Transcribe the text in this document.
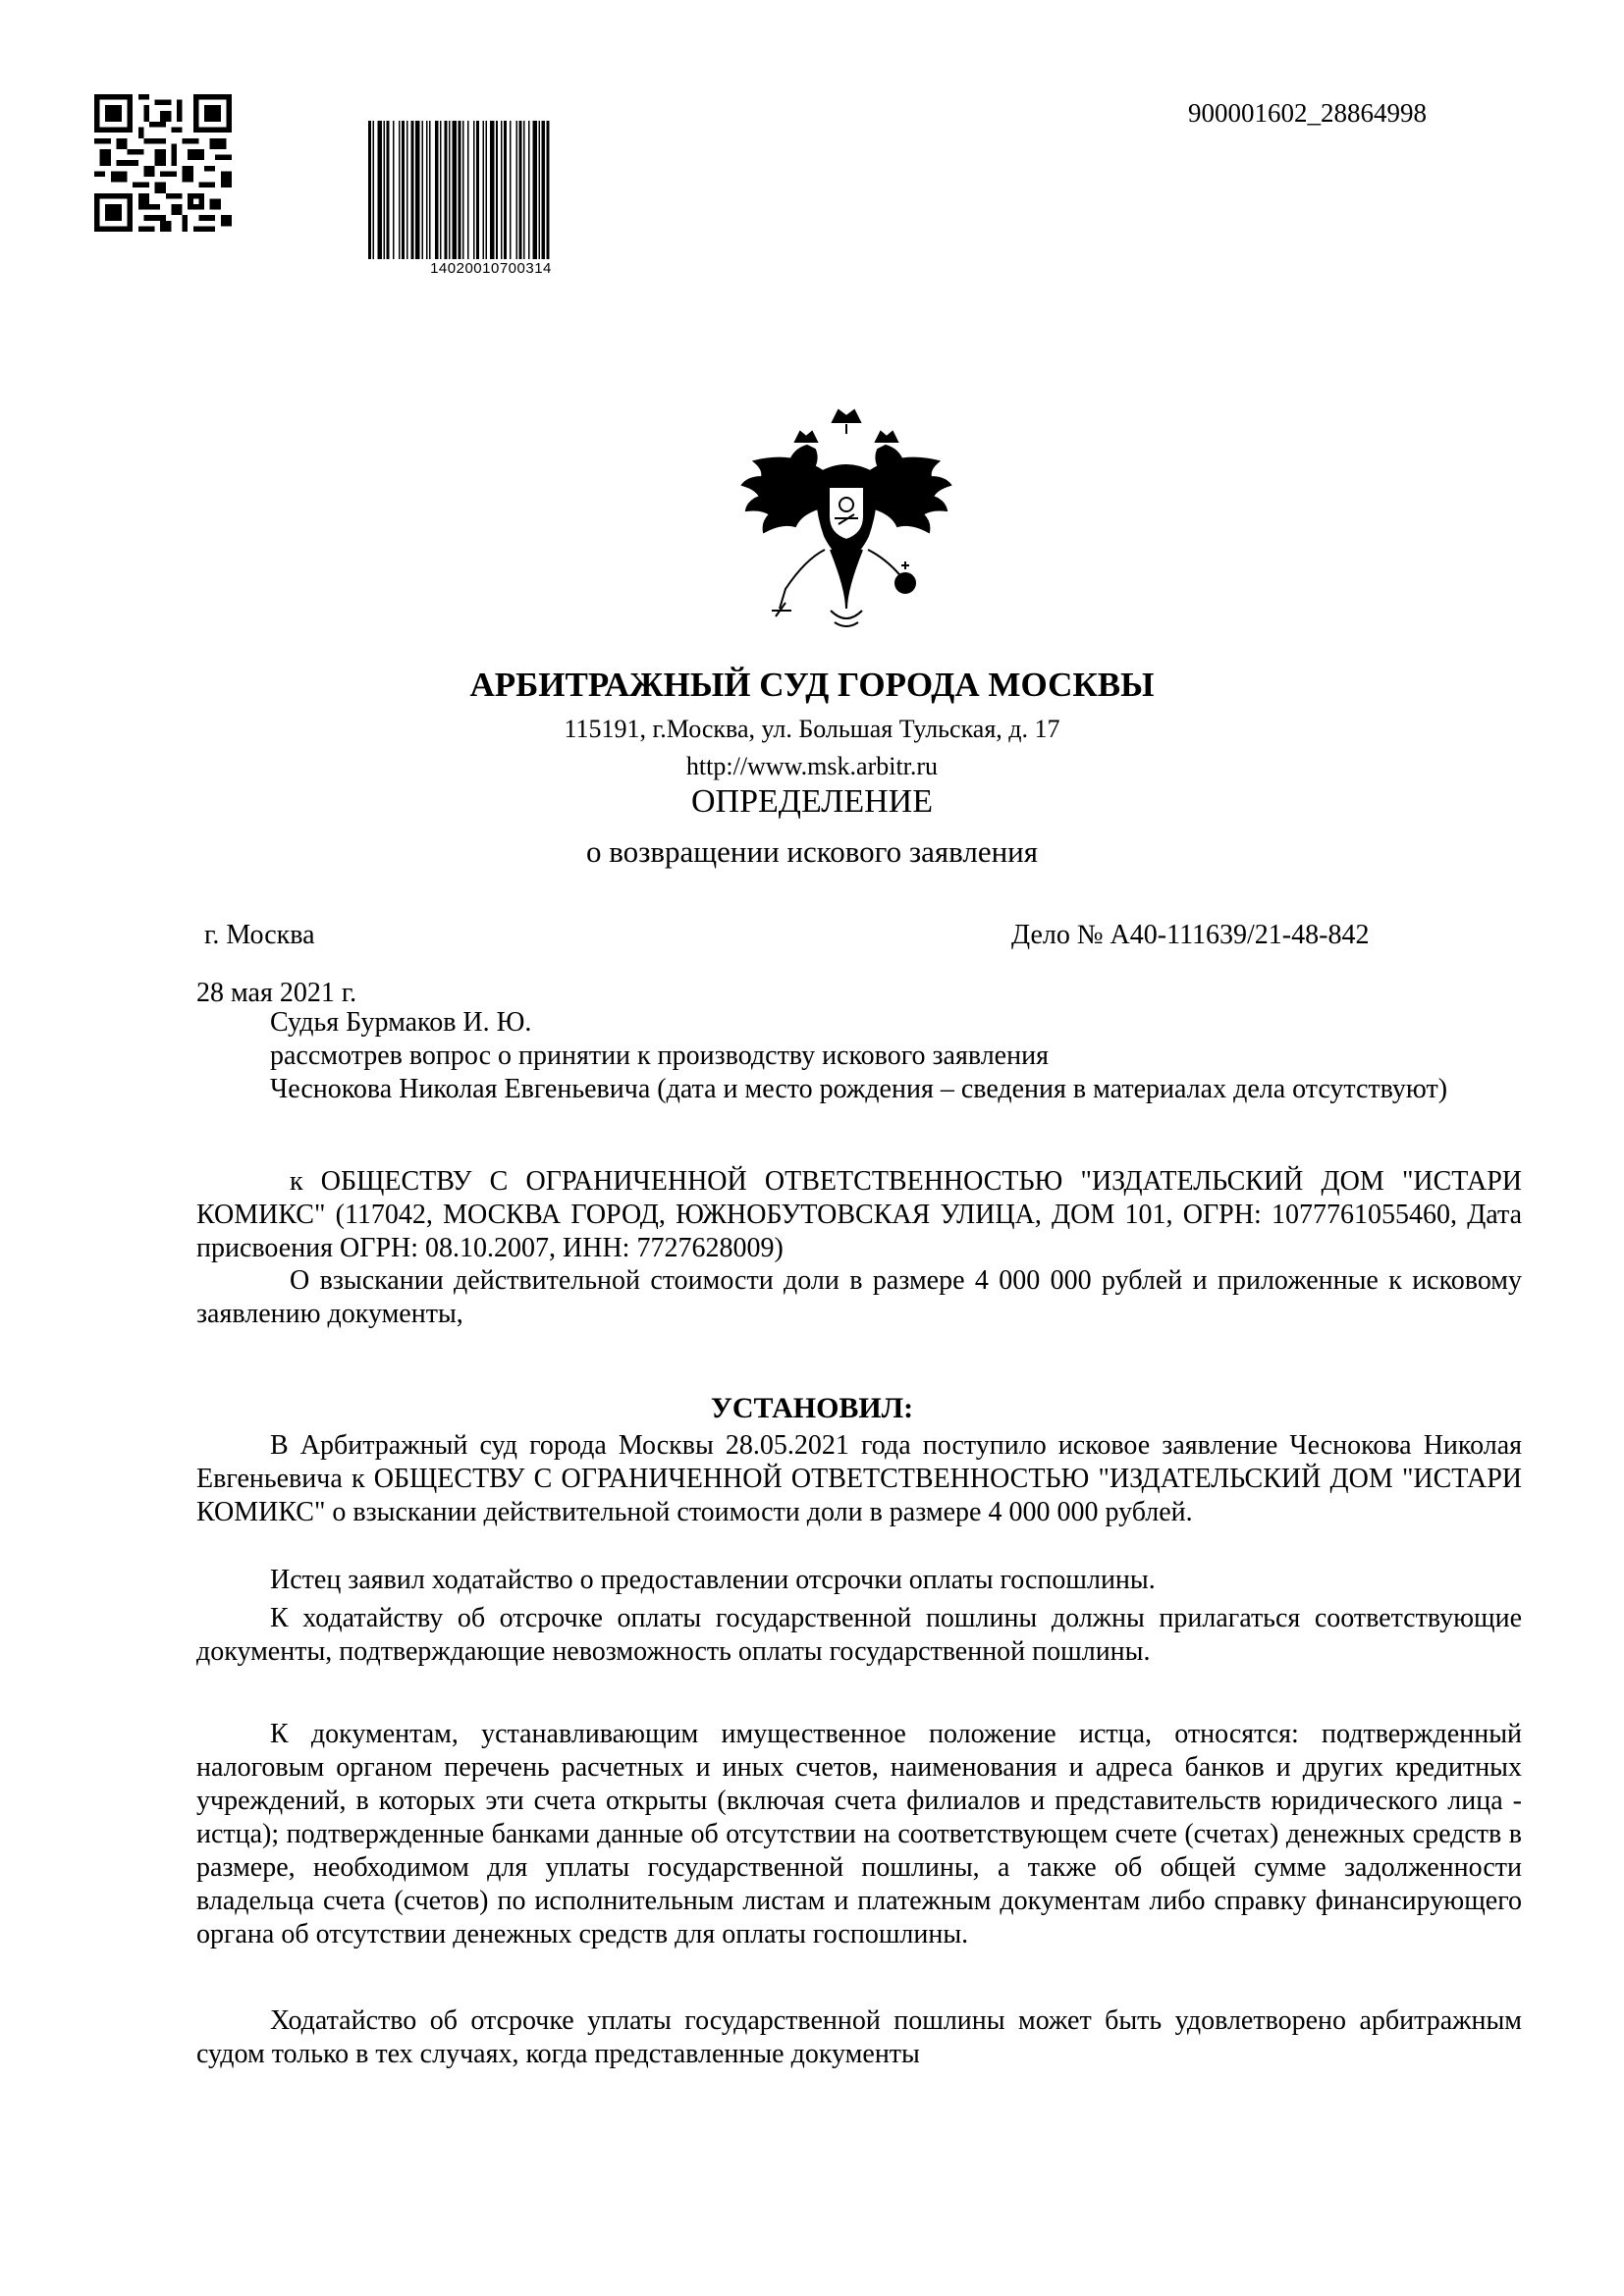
14020010700314
900001602_28864998
АРБИТРАЖНЫЙ СУД ГОРОДА МОСКВЫ
115191, г.Москва, ул. Большая Тульская, д. 17
http://www.msk.arbitr.ru
ОПРЕДЕЛЕНИЕ
о возвращении искового заявления
г. Москва	Дело № А40-111639/21-48-842
28 мая 2021 г.
Судья Бурмаков И. Ю.
рассмотрев вопрос о принятии к производству искового заявления
Чеснокова Николая Евгеньевича (дата и место рождения – сведения в материалах дела отсутствуют)
к ОБЩЕСТВУ С ОГРАНИЧЕННОЙ ОТВЕТСТВЕННОСТЬЮ "ИЗДАТЕЛЬСКИЙ ДОМ "ИСТАРИ КОМИКС" (117042, МОСКВА ГОРОД, ЮЖНОБУТОВСКАЯ УЛИЦА, ДОМ 101, ОГРН: 1077761055460, Дата присвоения ОГРН: 08.10.2007, ИНН: 7727628009)
О взыскании действительной стоимости доли в размере 4 000 000 рублей и приложенные к исковому заявлению документы,
УСТАНОВИЛ:
В Арбитражный суд города Москвы 28.05.2021 года поступило исковое заявление Чеснокова Николая Евгеньевича к ОБЩЕСТВУ С ОГРАНИЧЕННОЙ ОТВЕТСТВЕННОСТЬЮ "ИЗДАТЕЛЬСКИЙ ДОМ "ИСТАРИ КОМИКС" о взыскании действительной стоимости доли в размере 4 000 000 рублей.
Истец заявил ходатайство о предоставлении отсрочки оплаты госпошлины.
К ходатайству об отсрочке оплаты государственной пошлины должны прилагаться соответствующие документы, подтверждающие невозможность оплаты государственной пошлины.
К документам, устанавливающим имущественное положение истца, относятся: подтвержденный налоговым органом перечень расчетных и иных счетов, наименования и адреса банков и других кредитных учреждений, в которых эти счета открыты (включая счета филиалов и представительств юридического лица - истца); подтвержденные банками данные об отсутствии на соответствующем счете (счетах) денежных средств в размере, необходимом для уплаты государственной пошлины, а также об общей сумме задолженности владельца счета (счетов) по исполнительным листам и платежным документам либо справку финансирующего органа об отсутствии денежных средств для оплаты госпошлины.
Ходатайство об отсрочке уплаты государственной пошлины может быть удовлетворено арбитражным судом только в тех случаях, когда представленные документы
